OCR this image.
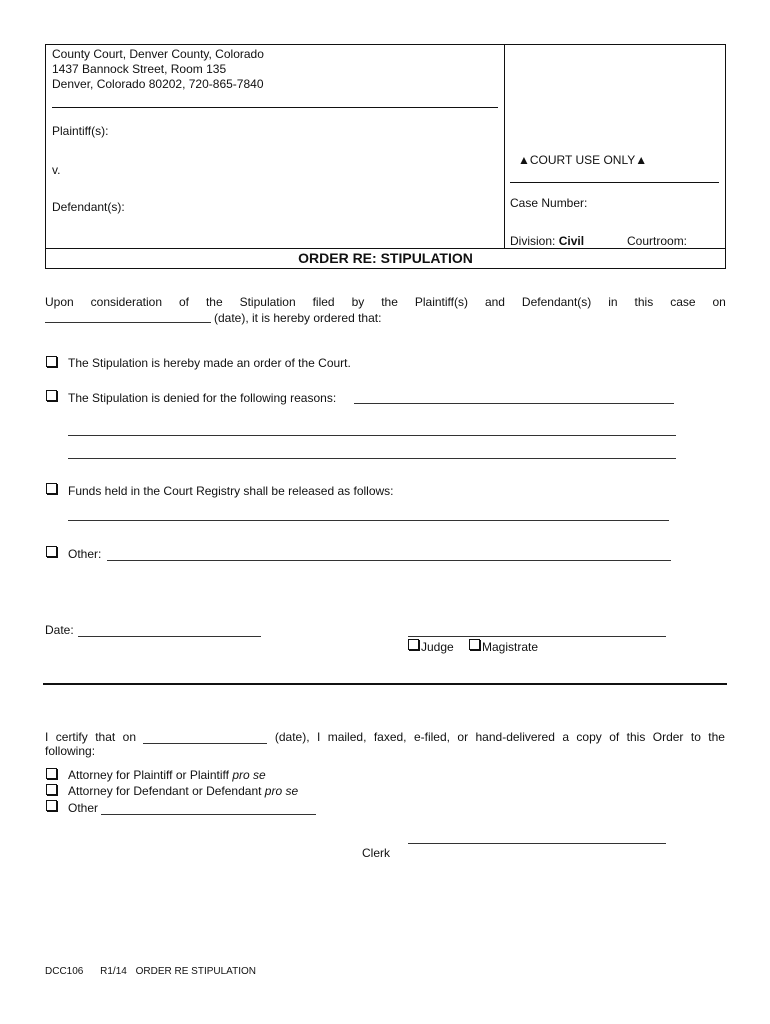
County Court, Denver County, Colorado
1437 Bannock Street, Room 135
Denver, Colorado 80202, 720-865-7840
Plaintiff(s):
v.
Defendant(s):
▲COURT USE ONLY▲
Case Number:
Division: Civil	Courtroom:
ORDER RE: STIPULATION
Upon consideration of the Stipulation filed by the Plaintiff(s) and Defendant(s) in this case on
(date), it is hereby ordered that:
The Stipulation is hereby made an order of the Court.
The Stipulation is denied for the following reasons:
Funds held in the Court Registry shall be released as follows:
Other:
Date:
Judge Magistrate
I certify that on	(date), I mailed, faxed, e-filed, or hand-delivered a copy of this Order to the
following:
Attorney for Plaintiff or Plaintiff pro se
Attorney for Defendant or Defendant pro se
Other
Clerk
DCC106 R1/14 ORDER RE STIPULATION
